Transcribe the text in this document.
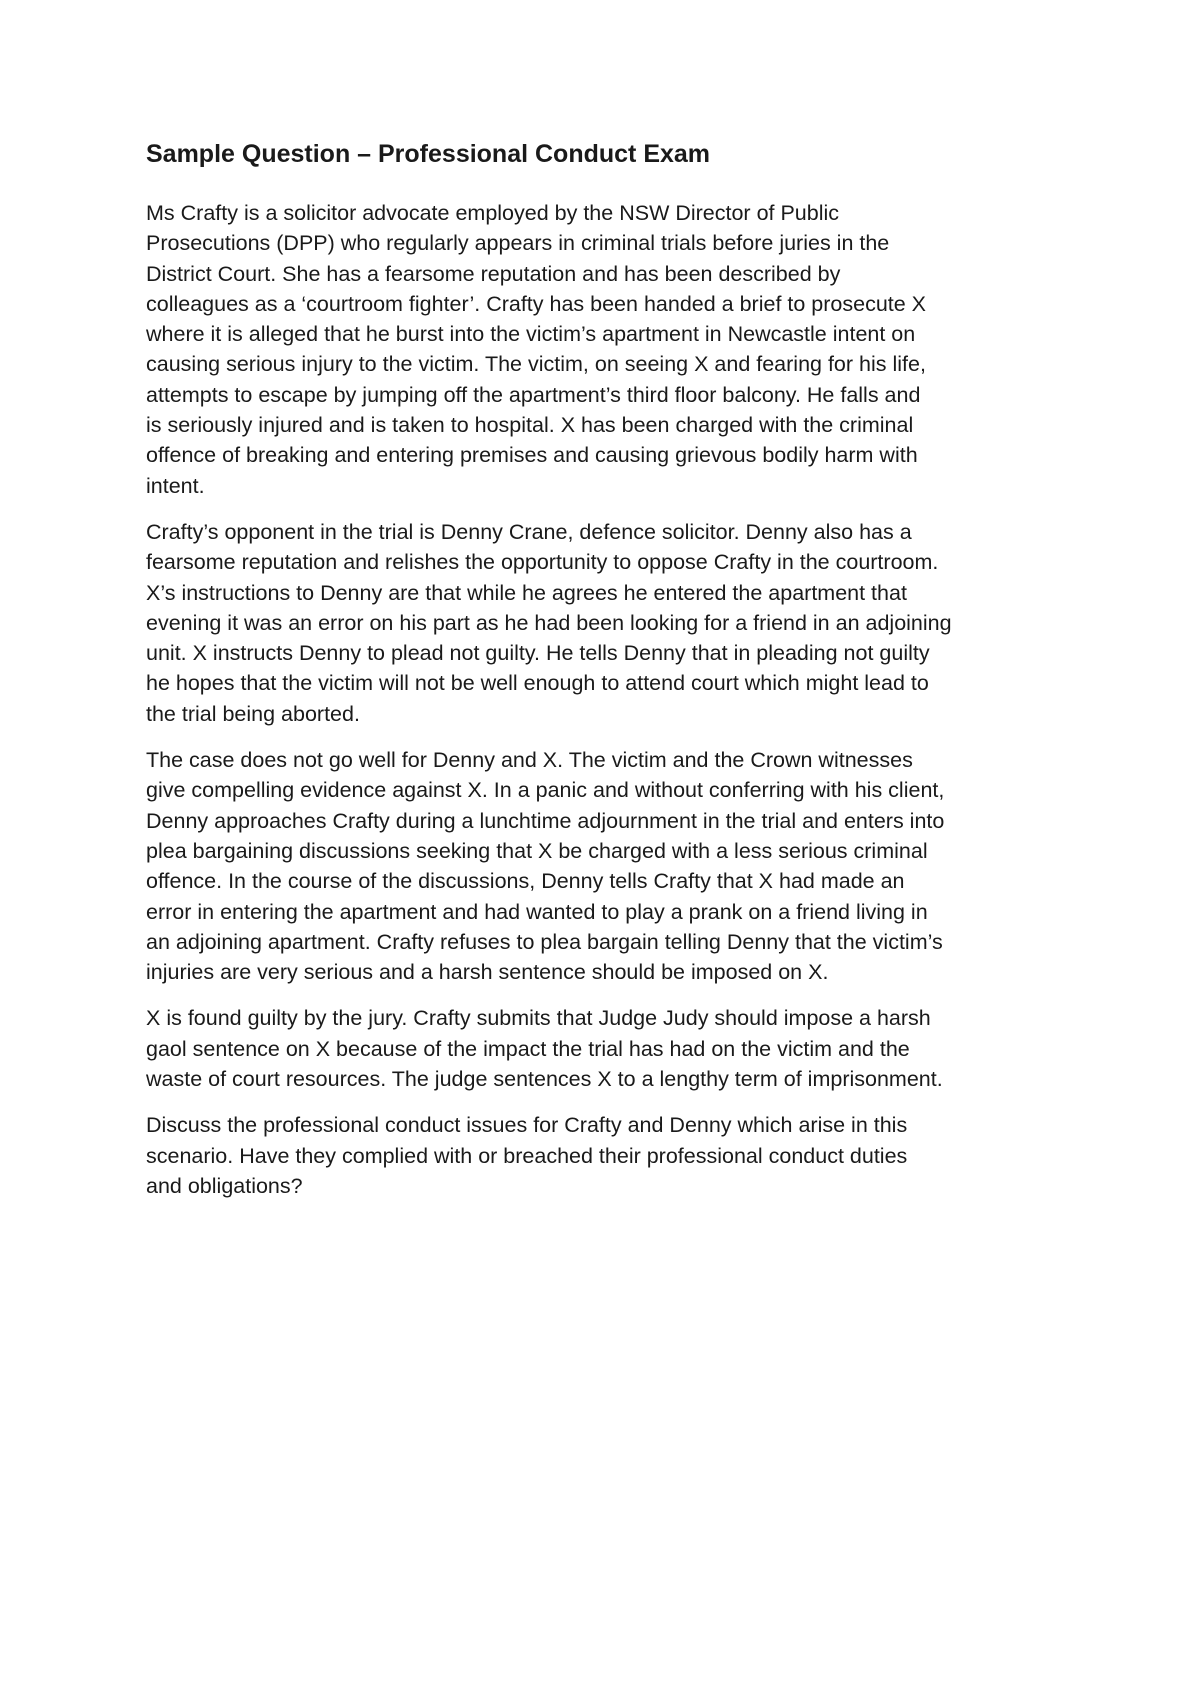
Sample Question – Professional Conduct Exam
Ms Crafty is a solicitor advocate employed by the NSW Director of Public
Prosecutions (DPP) who regularly appears in criminal trials before juries in the
District Court. She has a fearsome reputation and has been described by
colleagues as a ‘courtroom fighter’. Crafty has been handed a brief to prosecute X
where it is alleged that he burst into the victim’s apartment in Newcastle intent on
causing serious injury to the victim. The victim, on seeing X and fearing for his life,
attempts to escape by jumping off the apartment’s third floor balcony. He falls and
is seriously injured and is taken to hospital. X has been charged with the criminal
offence of breaking and entering premises and causing grievous bodily harm with
intent.
Crafty’s opponent in the trial is Denny Crane, defence solicitor. Denny also has a
fearsome reputation and relishes the opportunity to oppose Crafty in the courtroom.
X’s instructions to Denny are that while he agrees he entered the apartment that
evening it was an error on his part as he had been looking for a friend in an adjoining
unit. X instructs Denny to plead not guilty. He tells Denny that in pleading not guilty
he hopes that the victim will not be well enough to attend court which might lead to
the trial being aborted.
The case does not go well for Denny and X. The victim and the Crown witnesses
give compelling evidence against X. In a panic and without conferring with his client,
Denny approaches Crafty during a lunchtime adjournment in the trial and enters into
plea bargaining discussions seeking that X be charged with a less serious criminal
offence. In the course of the discussions, Denny tells Crafty that X had made an
error in entering the apartment and had wanted to play a prank on a friend living in
an adjoining apartment. Crafty refuses to plea bargain telling Denny that the victim’s
injuries are very serious and a harsh sentence should be imposed on X.
X is found guilty by the jury. Crafty submits that Judge Judy should impose a harsh
gaol sentence on X because of the impact the trial has had on the victim and the
waste of court resources. The judge sentences X to a lengthy term of imprisonment.
Discuss the professional conduct issues for Crafty and Denny which arise in this
scenario. Have they complied with or breached their professional conduct duties
and obligations?
